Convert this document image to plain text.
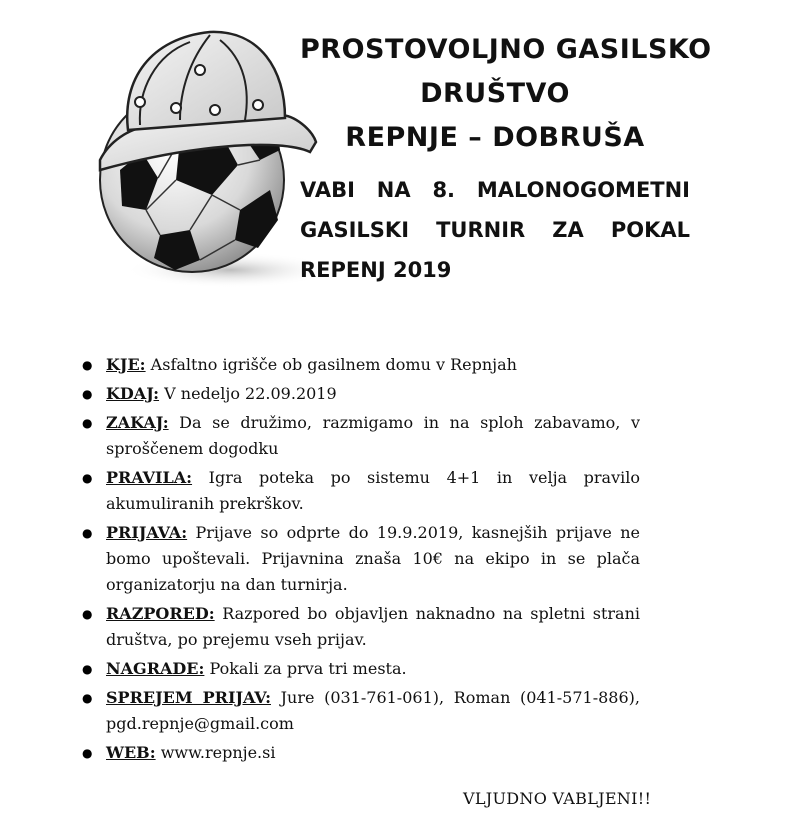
PROSTOVOLJNO GASILSKO
DRUŠTVO
REPNJE – DOBRUŠA
VABI NA 8. MALONOGOMETNI GASILSKI TURNIR ZA POKAL REPENJ 2019
● KJE: Asfaltno igrišče ob gasilnem domu v Repnjah
● KDAJ: V nedeljo 22.09.2019
● ZAKAJ: Da se družimo, razmigamo in na sploh zabavamo, v sproščenem dogodku
● PRAVILA: Igra poteka po sistemu 4+1 in velja pravilo akumuliranih prekrškov.
● PRIJAVA: Prijave so odprte do 19.9.2019, kasnejših prijave ne bomo upoštevali. Prijavnina znaša 10€ na ekipo in se plača organizatorju na dan turnirja.
● RAZPORED: Razpored bo objavljen naknadno na spletni strani društva, po prejemu vseh prijav.
● NAGRADE: Pokali za prva tri mesta.
● SPREJEM PRIJAV: Jure (031-761-061), Roman (041-571-886), pgd.repnje@gmail.com
● WEB: www.repnje.si
VLJUDNO VABLJENI!!
